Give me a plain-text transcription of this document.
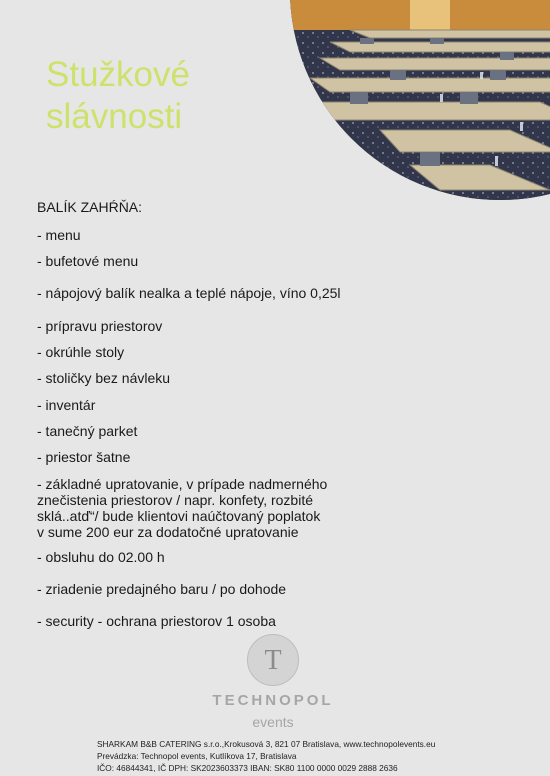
Stužkové
slávnosti

BALÍK ZAHŔŇA:

- menu

- bufetové menu

- nápojový balík nealka a teplé nápoje, víno 0,25l

- prípravu priestorov

- okrúhle stoly

- stoličky bez návleku

- inventár

- tanečný parket

- priestor šatne

- základné upratovanie, v prípade nadmerného

znečistenia priestorov / napr. konfety, rozbité

sklá..atď“/ bude klientovi naúčtovaný poplatok

v sume 200 eur za dodatočné upratovanie

- obsluhu do 02.00 h

- zriadenie predajného baru / po dohode

- security - ochrana priestorov 1 osoba

T
TECHNOPOL
events
SHARKAM B&B CATERING s.r.o.,Krokusová 3, 821 07 Bratislava, www.technopolevents.eu
Prevádzka: Technopol events, Kutlíkova 17, Bratislava
IČO: 46844341, IČ DPH: SK2023603373 IBAN: SK80 1100 0000 0029 2888 2636
